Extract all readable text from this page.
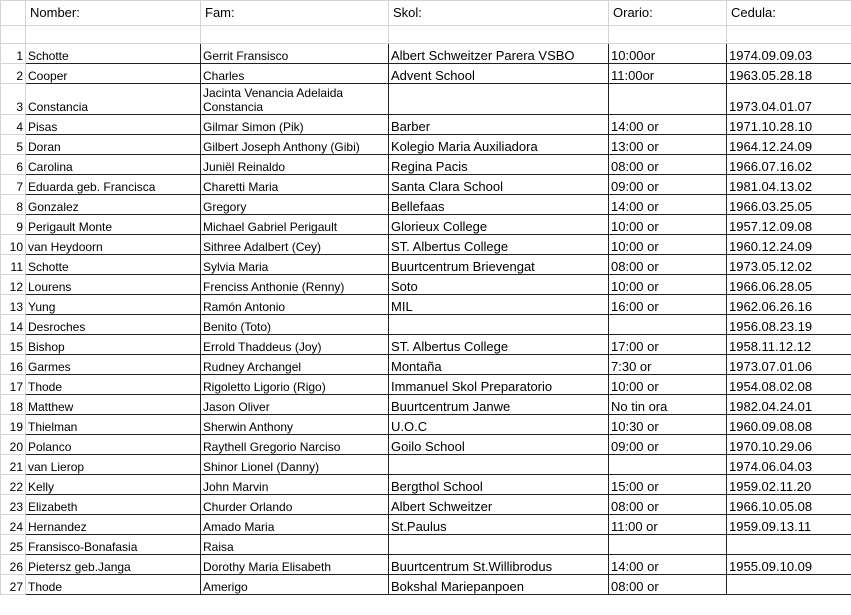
	Nomber:	Fam:	Skol:	Orario:	Cedula:

1	Schotte	Gerrit Fransisco	Albert Schweitzer Parera VSBO	10:00or	1974.09.09.03
2	Cooper	Charles	Advent School	11:00or	1963.05.28.18
3	Constancia	Jacinta Venancia Adelaida Constancia			1973.04.01.07
4	Pisas	Gilmar Simon (Pik)	Barber	14:00 or	1971.10.28.10
5	Doran	Gilbert Joseph Anthony (Gibi)	Kolegio Maria Auxiliadora	13:00 or	1964.12.24.09
6	Carolina	Juniël Reinaldo	Regina Pacis	08:00 or	1966.07.16.02
7	Eduarda geb. Francisca	Charetti Maria	Santa Clara School	09:00 or	1981.04.13.02
8	Gonzalez	Gregory	Bellefaas	14:00 or	1966.03.25.05
9	Perigault Monte	Michael Gabriel Perigault	Glorieux College	10:00 or	1957.12.09.08
10	van Heydoorn	Sithree Adalbert (Cey)	ST. Albertus College	10:00 or	1960.12.24.09
11	Schotte	Sylvia Maria	Buurtcentrum Brievengat	08:00 or	1973.05.12.02
12	Lourens	Frenciss Anthonie (Renny)	Soto	10:00 or	1966.06.28.05
13	Yung	Ramón Antonio	MIL	16:00 or	1962.06.26.16
14	Desroches	Benito (Toto)			1956.08.23.19
15	Bishop	Errold Thaddeus (Joy)	ST. Albertus College	17:00 or	1958.11.12.12
16	Garmes	Rudney Archangel	Montaña	7:30 or	1973.07.01.06
17	Thode	Rigoletto Ligorio (Rigo)	Immanuel Skol Preparatorio	10:00 or	1954.08.02.08
18	Matthew	Jason Oliver	Buurtcentrum Janwe	No tin ora	1982.04.24.01
19	Thielman	Sherwin Anthony	U.O.C	10:30 or	1960.09.08.08
20	Polanco	Raythell Gregorio Narciso	Goilo School	09:00 or	1970.10.29.06
21	van Lierop	Shinor Lionel (Danny)			1974.06.04.03
22	Kelly	John Marvin	Bergthol School	15:00 or	1959.02.11.20
23	Elizabeth	Churder Orlando	Albert Schweitzer	08:00 or	1966.10.05.08
24	Hernandez	Amado Maria	St.Paulus	11:00 or	1959.09.13.11
25	Fransisco-Bonafasia	Raisa			
26	Pietersz geb.Janga	Dorothy Maria Elisabeth	Buurtcentrum St.Willibrodus	14:00 or	1955.09.10.09
27	Thode	Amerigo	Bokshal Mariepanpoen	08:00 or	
